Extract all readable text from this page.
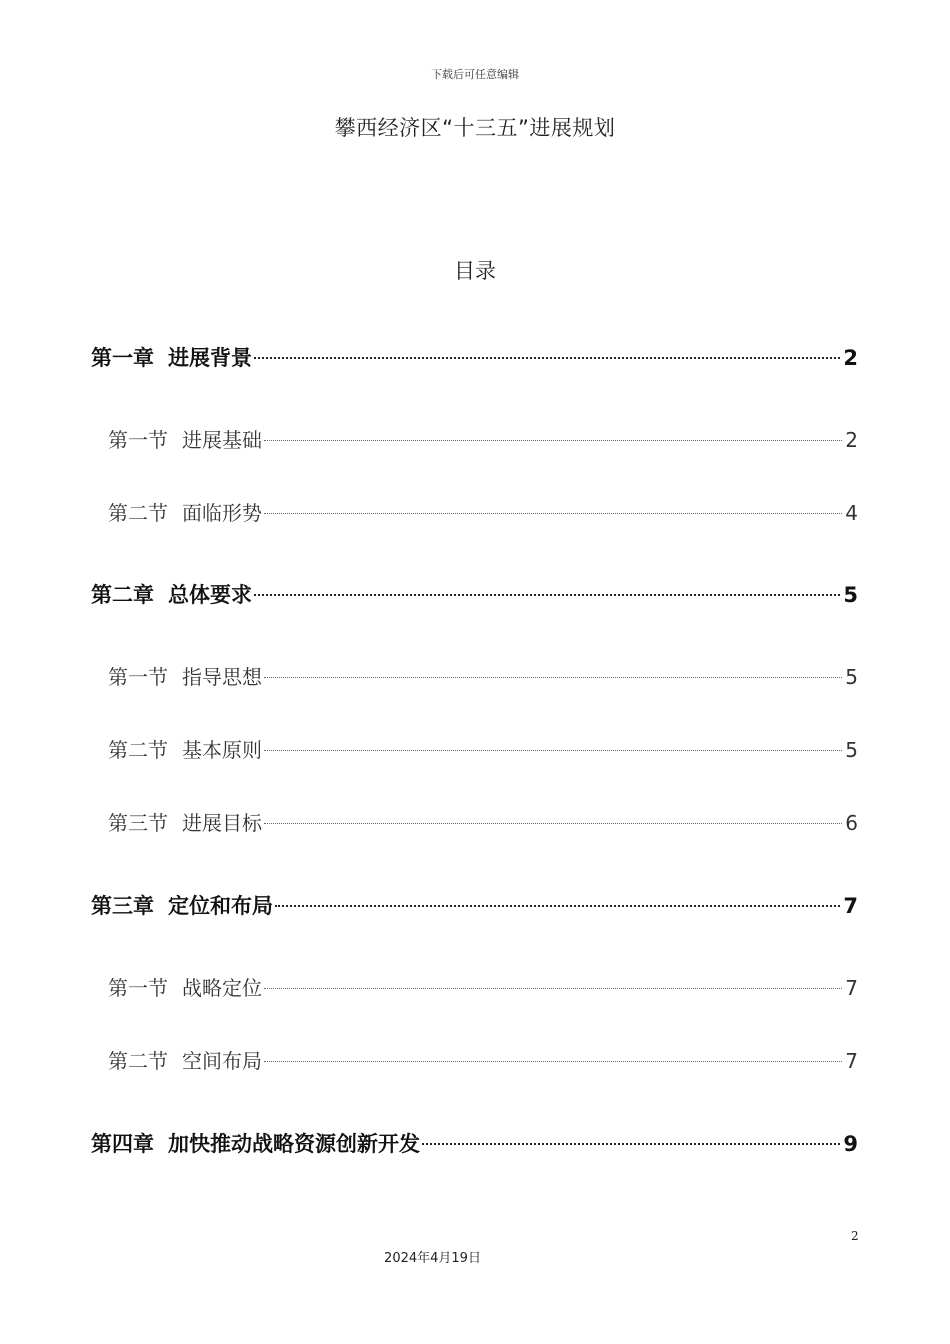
下载后可任意编辑
攀西经济区“十三五”进展规划
目录
第一章 进展背景	2
第一节 进展基础	2
第二节 面临形势	4
第二章 总体要求	5
第一节 指导思想	5
第二节 基本原则	5
第三节 进展目标	6
第三章 定位和布局	7
第一节 战略定位	7
第二节 空间布局	7
第四章 加快推动战略资源创新开发	9
2
2024年4月19日
